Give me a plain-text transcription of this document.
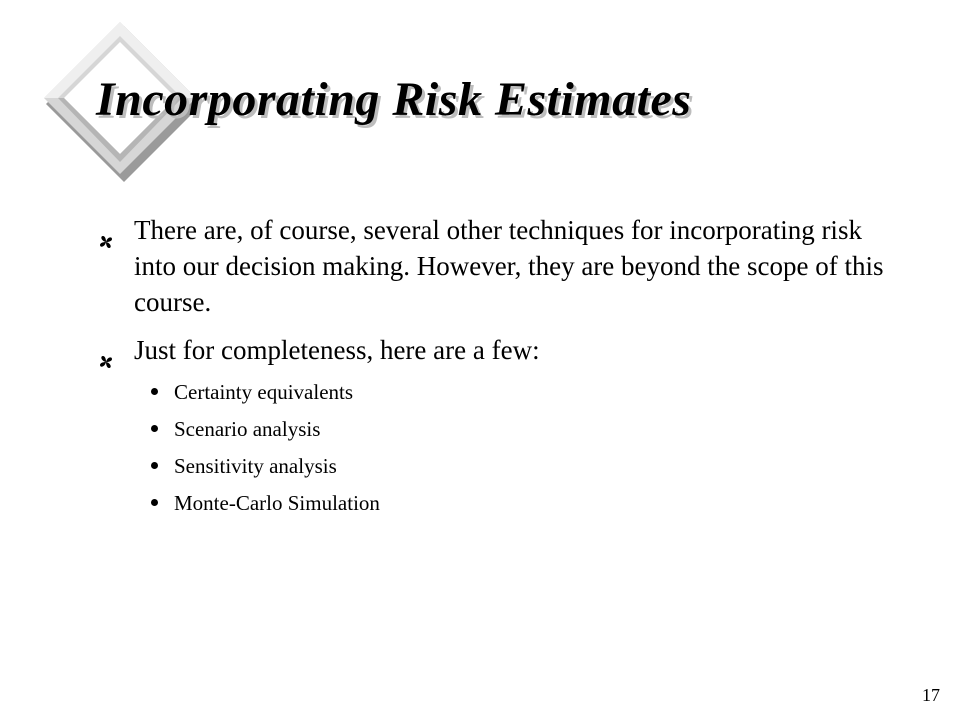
Incorporating Risk Estimates
There are, of course, several other techniques for incorporating risk into our decision making. However, they are beyond the scope of this course.
Just for completeness, here are a few:
Certainty equivalents
Scenario analysis
Sensitivity analysis
Monte-Carlo Simulation
17
